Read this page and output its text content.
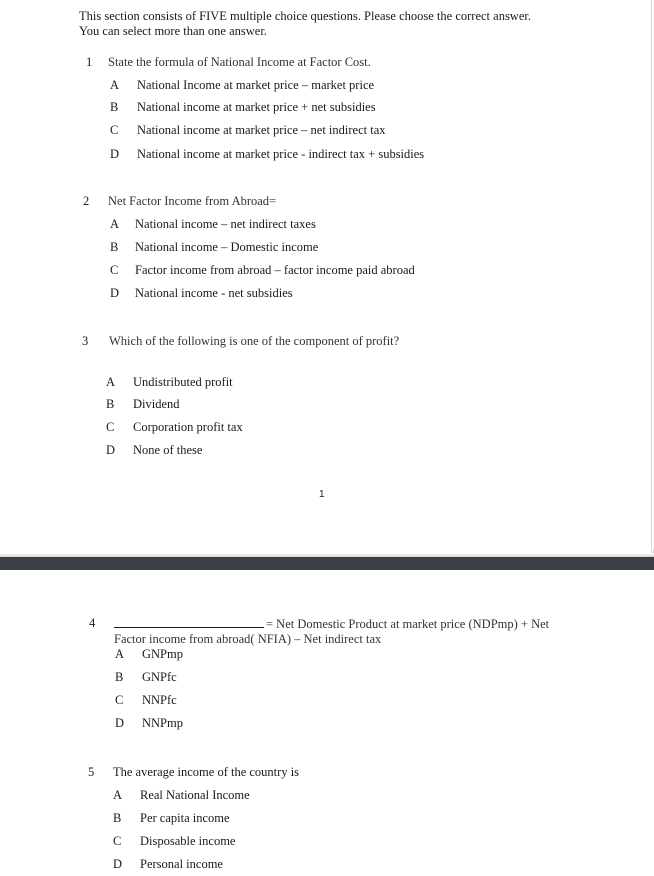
This section consists of FIVE multiple choice questions. Please choose the correct answer.
You can select more than one answer.
1 State the formula of National Income at Factor Cost.
A National Income at market price – market price
B National income at market price + net subsidies
C National income at market price – net indirect tax
D National income at market price - indirect tax + subsidies
2 Net Factor Income from Abroad=
A National income – net indirect taxes
B National income – Domestic income
C Factor income from abroad – factor income paid abroad
D National income - net subsidies
3 Which of the following is one of the component of profit?
A Undistributed profit
B Dividend
C Corporation profit tax
D None of these
1
4	= Net Domestic Product at market price (NDPmp) + Net
Factor income from abroad( NFIA) – Net indirect tax
A GNPmp
B GNPfc
C NNPfc
D NNPmp
5 The average income of the country is
A Real National Income
B Per capita income
C Disposable income
D Personal income
